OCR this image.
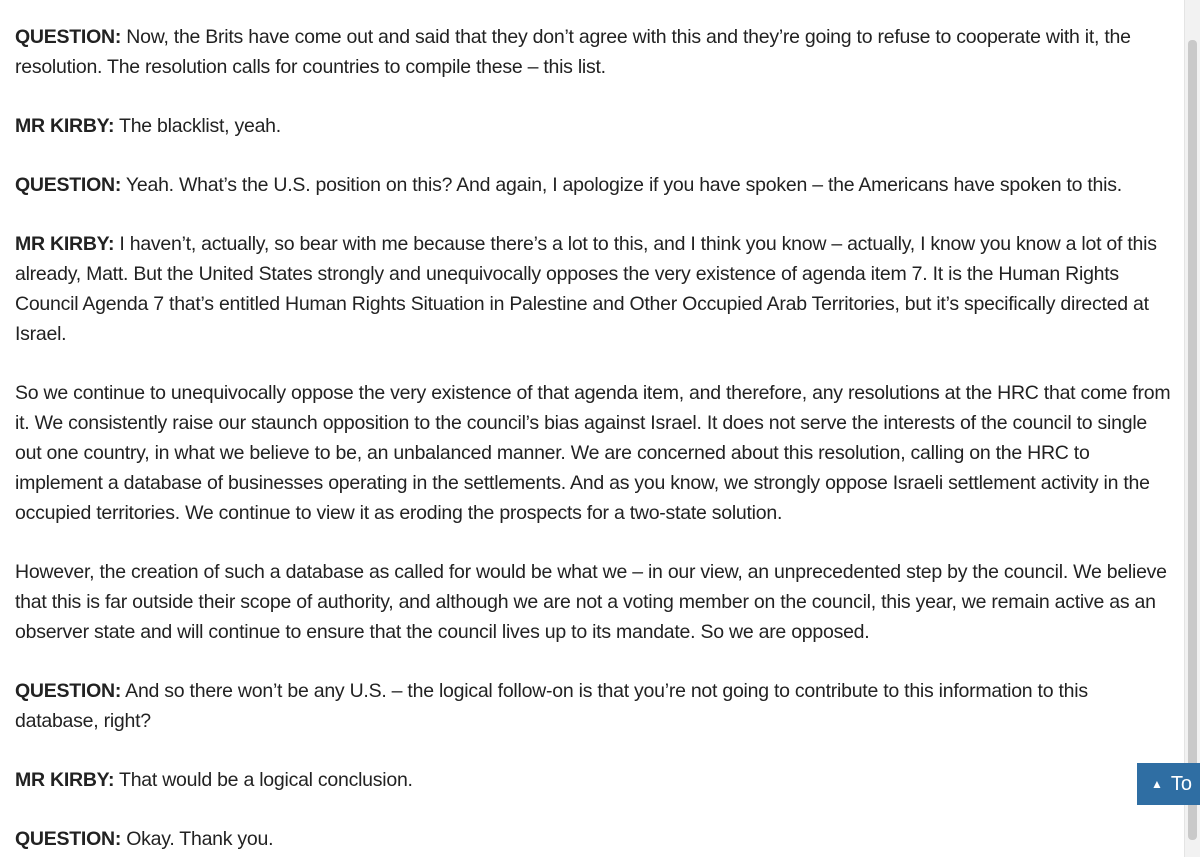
QUESTION: Now, the Brits have come out and said that they don’t agree with this and they’re going to refuse to cooperate with it, the resolution. The resolution calls for countries to compile these – this list.

MR KIRBY: The blacklist, yeah.

QUESTION: Yeah. What’s the U.S. position on this? And again, I apologize if you have spoken – the Americans have spoken to this.

MR KIRBY: I haven’t, actually, so bear with me because there’s a lot to this, and I think you know – actually, I know you know a lot of this already, Matt. But the United States strongly and unequivocally opposes the very existence of agenda item 7. It is the Human Rights Council Agenda 7 that’s entitled Human Rights Situation in Palestine and Other Occupied Arab Territories, but it’s specifically directed at Israel.

So we continue to unequivocally oppose the very existence of that agenda item, and therefore, any resolutions at the HRC that come from it. We consistently raise our staunch opposition to the council’s bias against Israel. It does not serve the interests of the council to single out one country, in what we believe to be, an unbalanced manner. We are concerned about this resolution, calling on the HRC to implement a database of businesses operating in the settlements. And as you know, we strongly oppose Israeli settlement activity in the occupied territories. We continue to view it as eroding the prospects for a two-state solution.

However, the creation of such a database as called for would be what we – in our view, an unprecedented step by the council. We believe that this is far outside their scope of authority, and although we are not a voting member on the council, this year, we remain active as an observer state and will continue to ensure that the council lives up to its mandate. So we are opposed.

QUESTION: And so there won’t be any U.S. – the logical follow-on is that you’re not going to contribute to this information to this database, right?

MR KIRBY: That would be a logical conclusion.

QUESTION: Okay. Thank you.

▲ To
